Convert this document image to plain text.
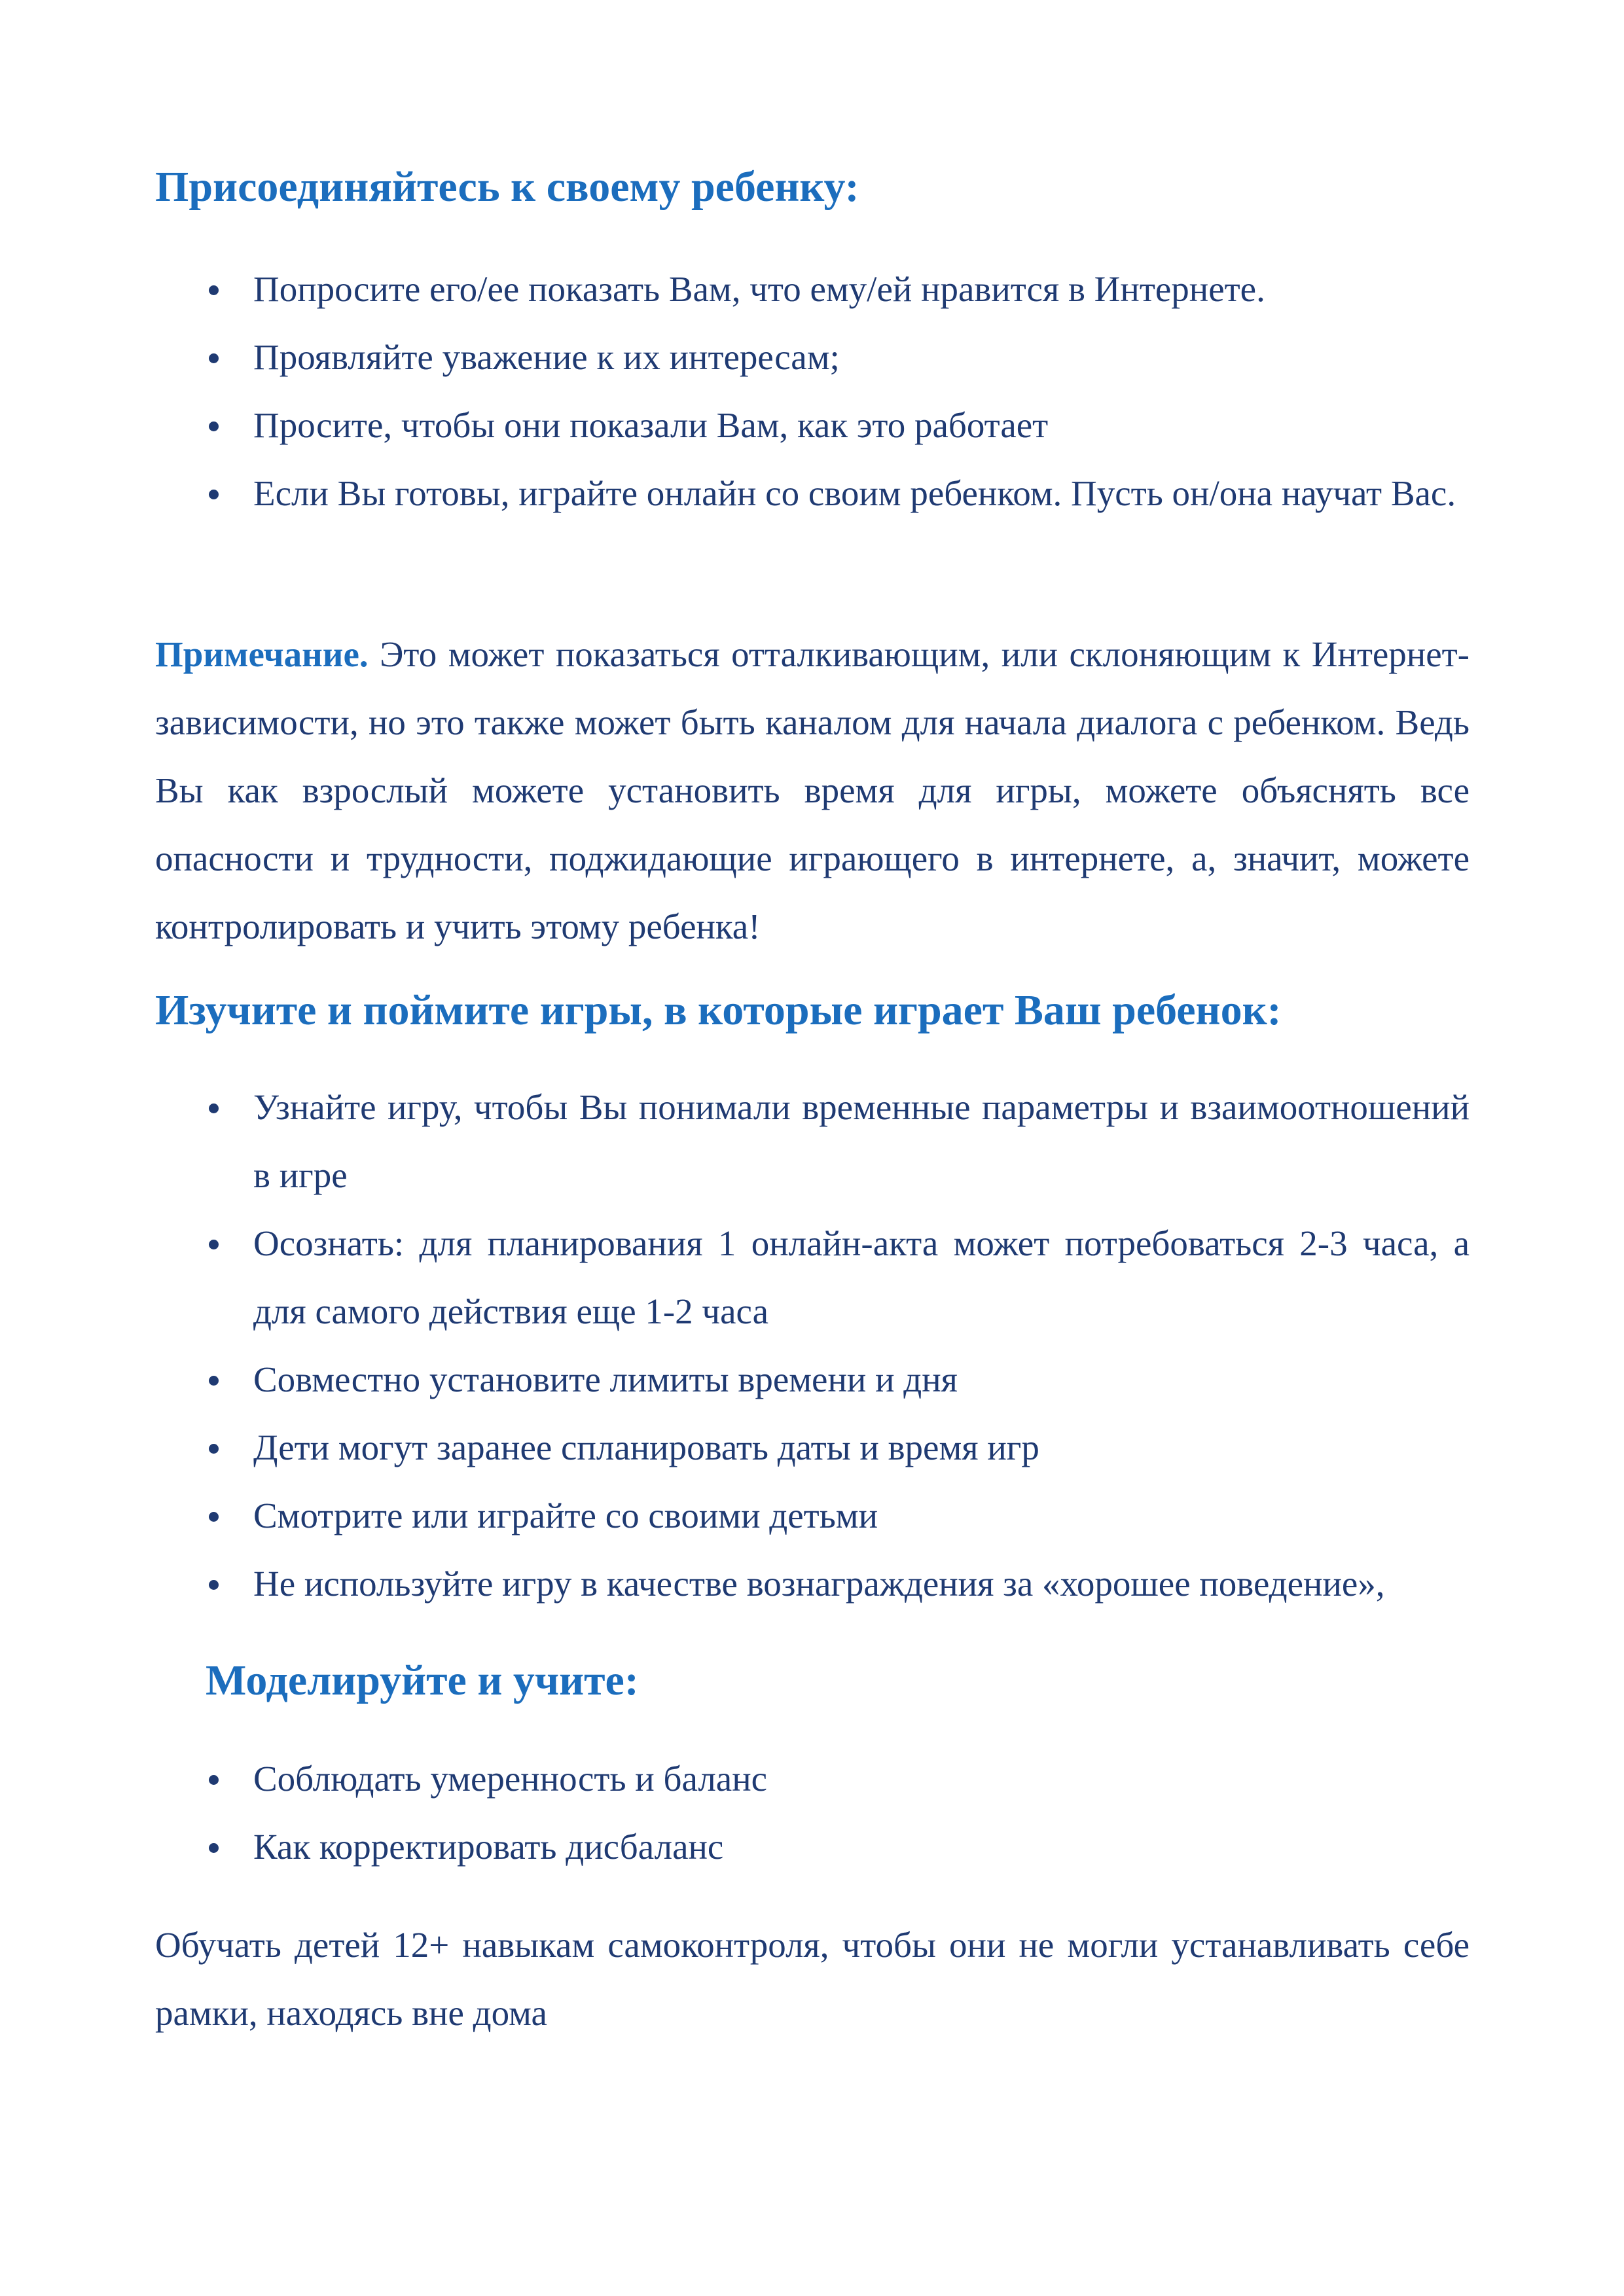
Присоединяйтесь к своему ребенку:
Попросите его/ее показать Вам, что ему/ей нравится в Интернете.
Проявляйте уважение к их интересам;
Просите, чтобы они показали Вам, как это работает
Если Вы готовы, играйте онлайн со своим ребенком. Пусть он/она научат Вас.

Примечание. Это может показаться отталкивающим, или склоняющим к Интернет-зависимости, но это также может быть каналом для начала диалога с ребенком. Ведь Вы как взрослый можете установить время для игры, можете объяснять все опасности и трудности, поджидающие играющего в интернете, а, значит, можете контролировать и учить этому ребенка!

Изучите и поймите игры, в которые играет Ваш ребенок:
Узнайте игру, чтобы Вы понимали временные параметры и взаимоотношений в игре
Осознать: для планирования 1 онлайн-акта может потребоваться 2-3 часа, а для самого действия еще 1-2 часа
Совместно установите лимиты времени и дня
Дети могут заранее спланировать даты и время игр
Смотрите или играйте со своими детьми
Не используйте игру в качестве вознаграждения за «хорошее поведение»,
Моделируйте и учите:
Соблюдать умеренность и баланс
Как корректировать дисбаланс

Обучать детей 12+ навыкам самоконтроля, чтобы они не могли устанавливать себе рамки, находясь вне дома
